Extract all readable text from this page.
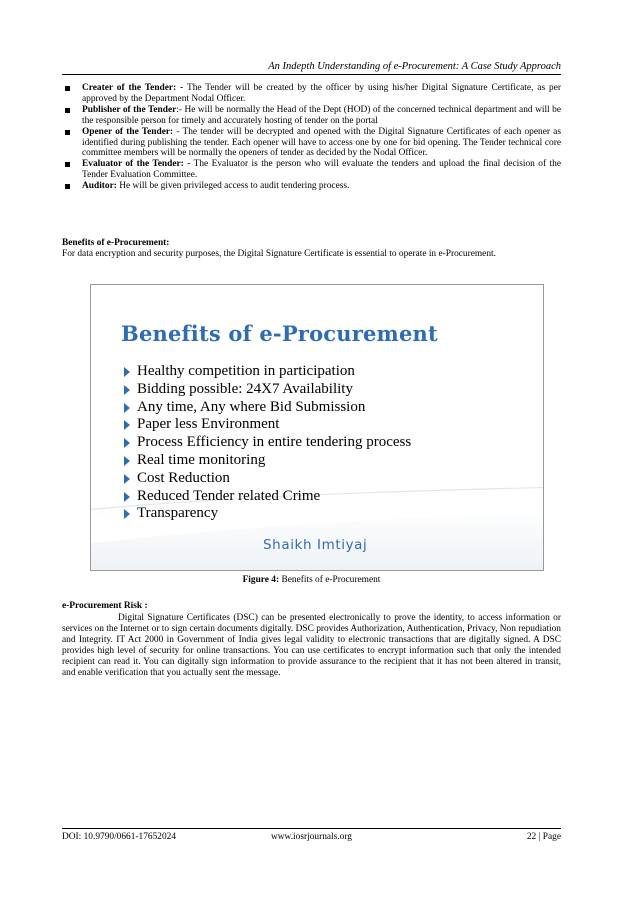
An Indepth Understanding of e-Procurement: A Case Study Approach
Creater of the Tender: - The Tender will be created by the officer by using his/her Digital Signature Certificate, as per approved by the Department Nodal Officer.
Publisher of the Tender:- He will be normally the Head of the Dept (HOD) of the concerned technical department and will be the responsible person for timely and accurately hosting of tender on the portal
Opener of the Tender: - The tender will be decrypted and opened with the Digital Signature Certificates of each opener as identified during publishing the tender. Each opener will have to access one by one for bid opening. The Tender technical core committee members will be normally the openers of tender as decided by the Nodal Officer.
Evaluator of the Tender: - The Evaluator is the person who will evaluate the tenders and upload the final decision of the Tender Evaluation Committee.
Auditor: He will be given privileged access to audit tendering process.
Benefits of e-Procurement:
For data encryption and security purposes, the Digital Signature Certificate is essential to operate in e-Procurement.
Benefits of e-Procurement
Healthy competition in participation
Bidding possible: 24X7 Availability
Any time, Any where Bid Submission
Paper less Environment
Process Efficiency in entire tendering process
Real time monitoring
Cost Reduction
Reduced Tender related Crime
Transparency
Shaikh Imtiyaj
Figure 4: Benefits of e-Procurement
e-Procurement Risk :
Digital Signature Certificates (DSC) can be presented electronically to prove the identity, to access information or services on the Internet or to sign certain documents digitally. DSC provides Authorization, Authentication, Privacy, Non repudiation and Integrity. IT Act 2000 in Government of India gives legal validity to electronic transactions that are digitally signed. A DSC provides high level of security for online transactions. You can use certificates to encrypt information such that only the intended recipient can read it. You can digitally sign information to provide assurance to the recipient that it has not been altered in transit, and enable verification that you actually sent the message.
DOI: 10.9790/0661-17652024	www.iosrjournals.org	22 | Page
